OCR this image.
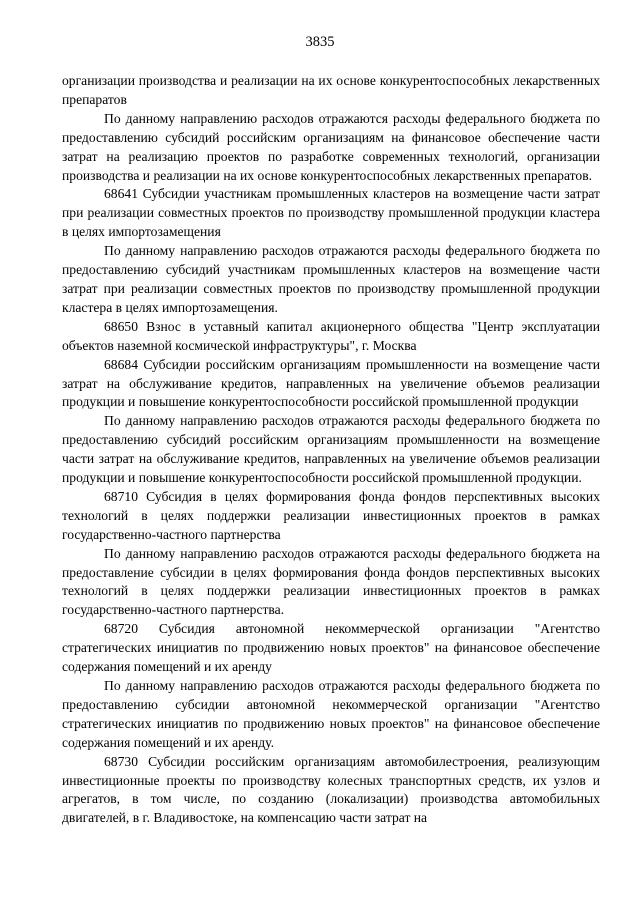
3835

организации производства и реализации на их основе конкурентоспособных лекарственных препаратов

По данному направлению расходов отражаются расходы федерального бюджета по предоставлению субсидий российским организациям на финансовое обеспечение части затрат на реализацию проектов по разработке современных технологий, организации производства и реализации на их основе конкурентоспособных лекарственных препаратов.

68641 Субсидии участникам промышленных кластеров на возмещение части затрат при реализации совместных проектов по производству промышленной продукции кластера в целях импортозамещения

По данному направлению расходов отражаются расходы федерального бюджета по предоставлению субсидий участникам промышленных кластеров на возмещение части затрат при реализации совместных проектов по производству промышленной продукции кластера в целях импортозамещения.

68650 Взнос в уставный капитал акционерного общества "Центр эксплуатации объектов наземной космической инфраструктуры", г. Москва

68684 Субсидии российским организациям промышленности на возмещение части затрат на обслуживание кредитов, направленных на увеличение объемов реализации продукции и повышение конкурентоспособности российской промышленной продукции

По данному направлению расходов отражаются расходы федерального бюджета по предоставлению субсидий российским организациям промышленности на возмещение части затрат на обслуживание кредитов, направленных на увеличение объемов реализации продукции и повышение конкурентоспособности российской промышленной продукции.

68710 Субсидия в целях формирования фонда фондов перспективных высоких технологий в целях поддержки реализации инвестиционных проектов в рамках государственно-частного партнерства

По данному направлению расходов отражаются расходы федерального бюджета на предоставление субсидии в целях формирования фонда фондов перспективных высоких технологий в целях поддержки реализации инвестиционных проектов в рамках государственно-частного партнерства.

68720 Субсидия автономной некоммерческой организации "Агентство стратегических инициатив по продвижению новых проектов" на финансовое обеспечение содержания помещений и их аренду

По данному направлению расходов отражаются расходы федерального бюджета по предоставлению субсидии автономной некоммерческой организации "Агентство стратегических инициатив по продвижению новых проектов" на финансовое обеспечение содержания помещений и их аренду.

68730 Субсидии российским организациям автомобилестроения, реализующим инвестиционные проекты по производству колесных транспортных средств, их узлов и агрегатов, в том числе, по созданию (локализации) производства автомобильных двигателей, в г. Владивостоке, на компенсацию части затрат на
